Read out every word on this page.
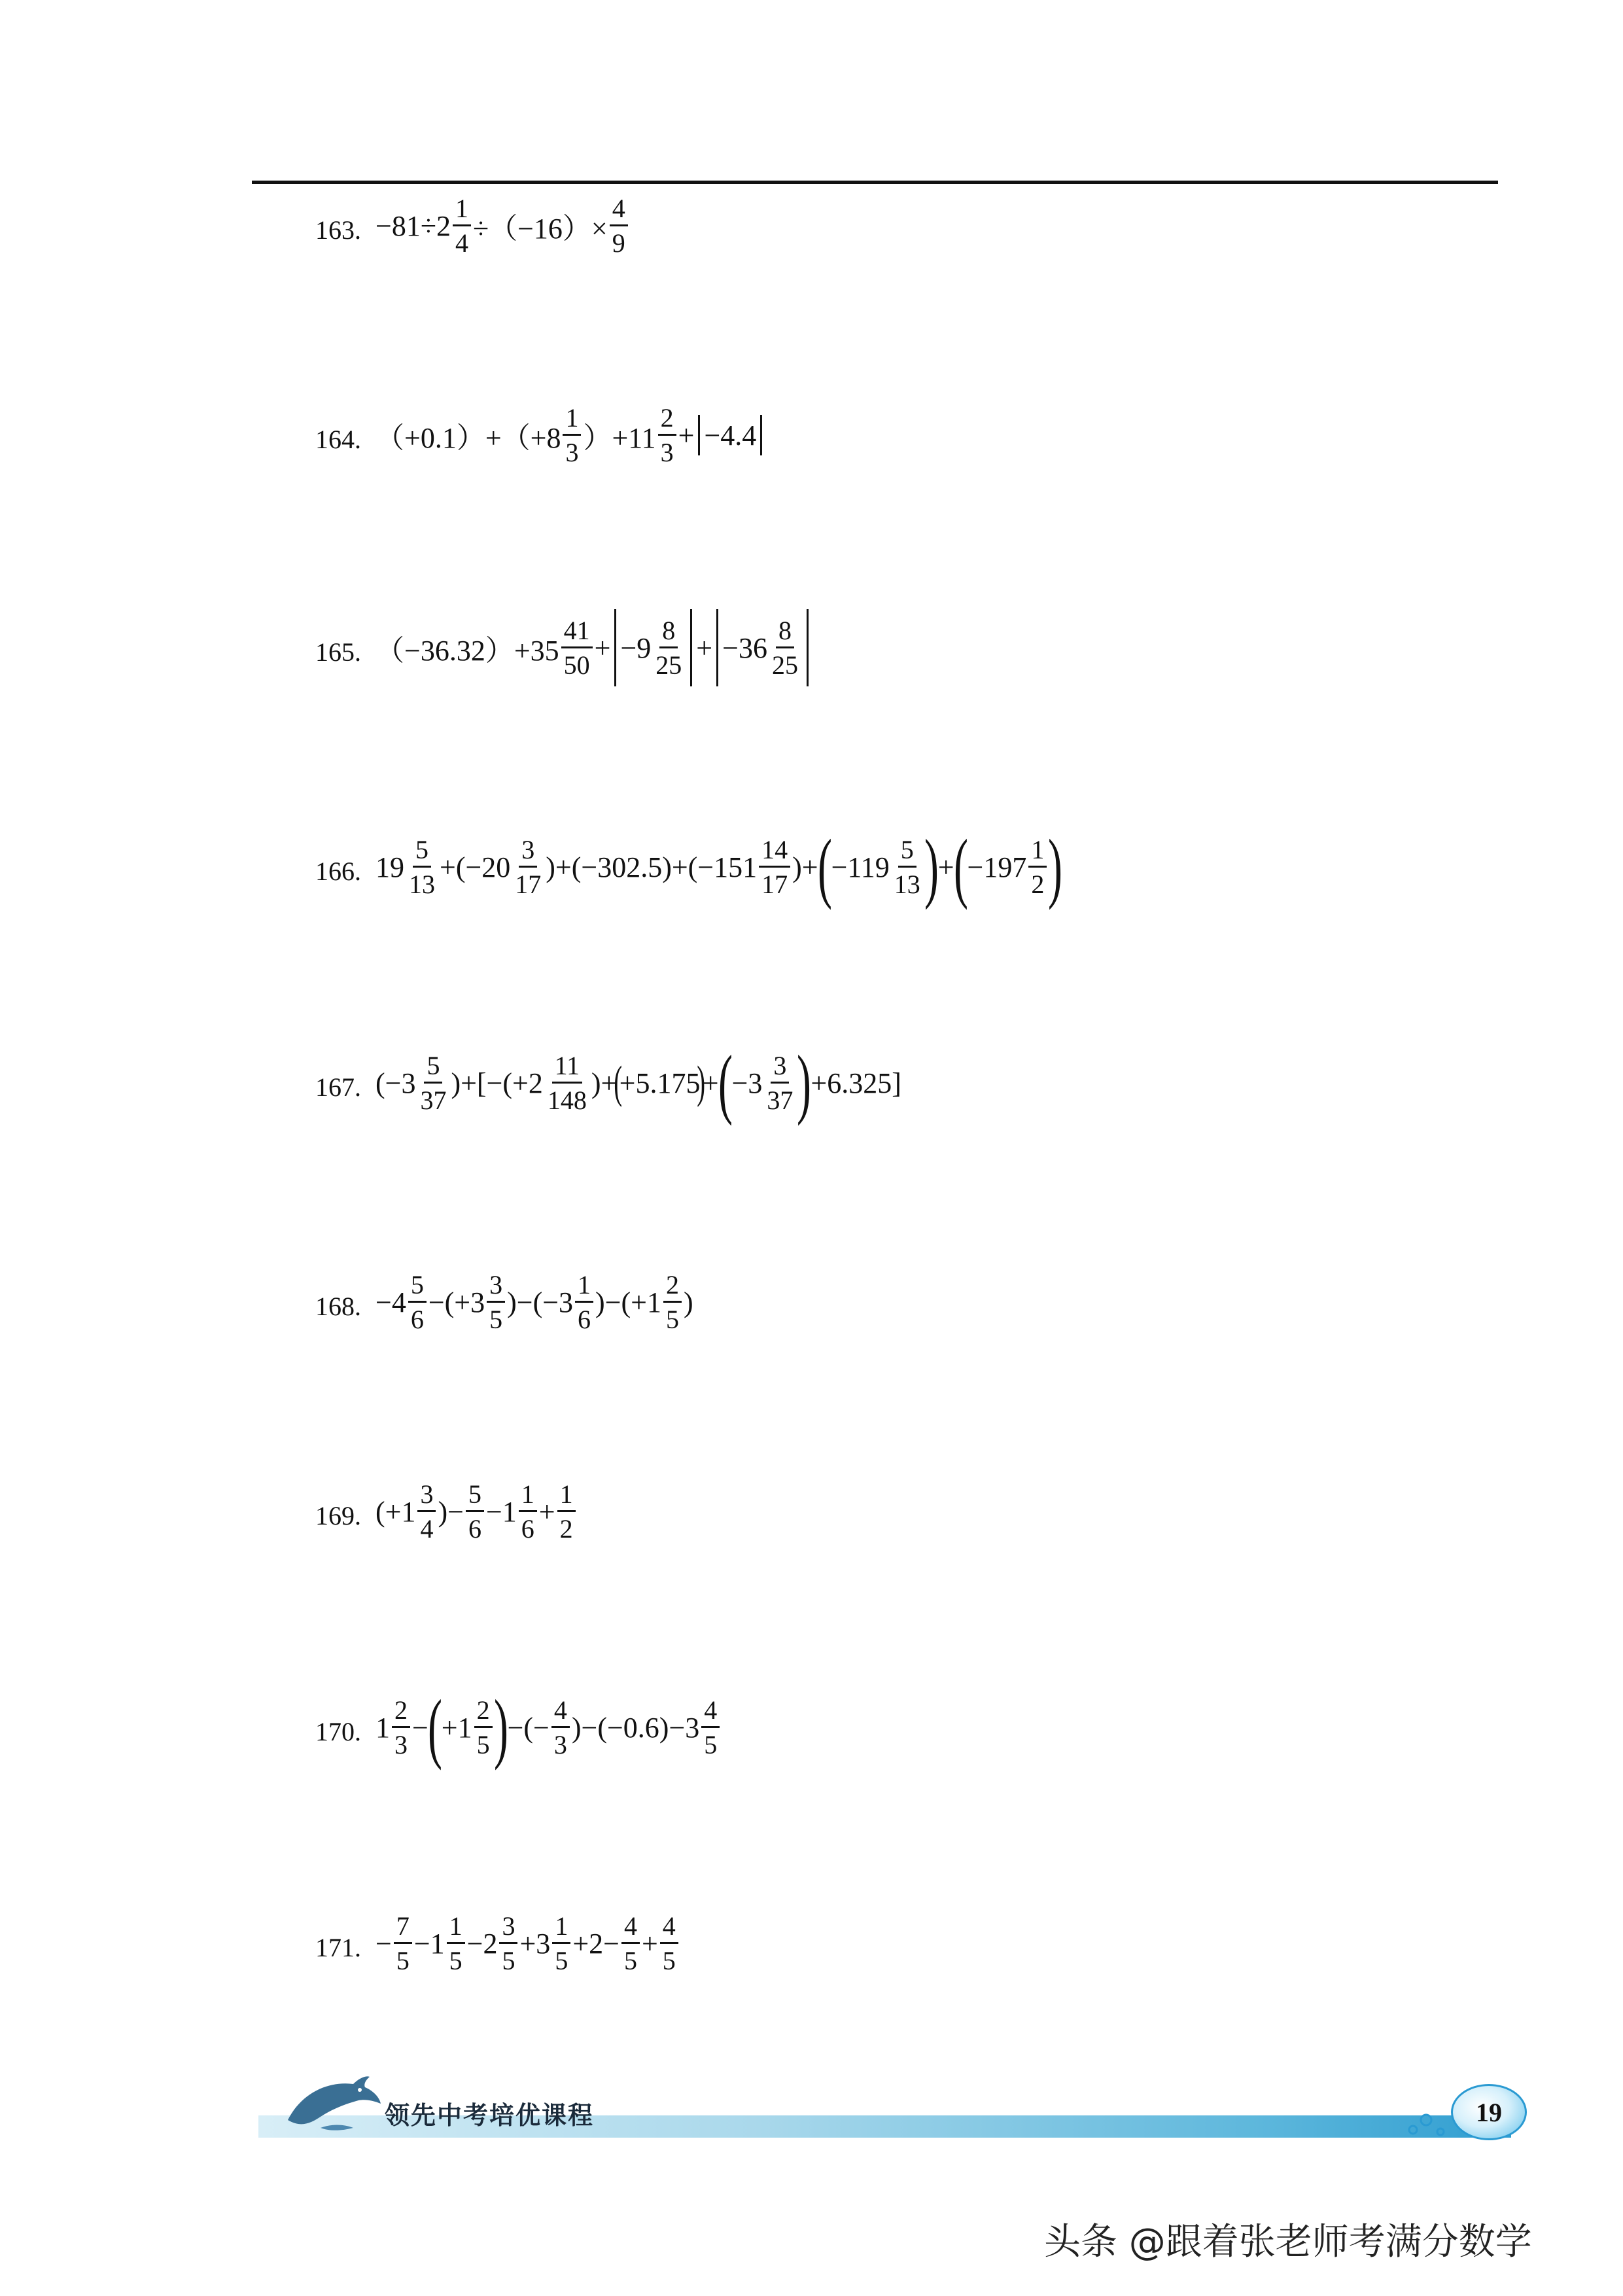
163. $-81\div 2 \frac{1}{4} \div(-16)\times \frac{4}{9}$
164. $(+0.1)+(+8 \frac{1}{3} )+11 \frac{2}{3} + -4.4$
165. $(-36.32)+35 \frac{41}{50} + -9 \frac{8}{25} + -36 \frac{8}{25}$
166. $19 \frac{5}{13} +(-20 \frac{3}{17} )+(-302.5)+(-151 \frac{14}{17}$ )+
(
$-119 \frac{5}{13}$ )
+
(
$-197 \frac{1}{2}$ )
167. $(-3 \frac{5}{37} )+[-(+2 \frac{11}{148}$ )+
(
+5.175
)
+
(
$-3 \frac{3}{37}$ )
+6.325]
168. $-4 \frac{5}{6} -(+3 \frac{3}{5} )-(-3 \frac{1}{6} )-(+1 \frac{2}{5}$ )
169. ($+1 \frac{3}{4}$ )− $\frac{5}{6} -1 \frac{1}{6} + \frac{1}{2}$
170. $1 \frac{2}{3}$ −
(
$+1 \frac{2}{5}$ )
−(− $\frac{4}{3} )-(-0.6)-3 \frac{4}{5}$
171. − $\frac{7}{5} -1 \frac{1}{5} -2 \frac{3}{5} +3 \frac{1}{5} +2- \frac{4}{5} + \frac{4}{5}$
领先中考培优课程	19
头条 @跟着张老师考满分数学
